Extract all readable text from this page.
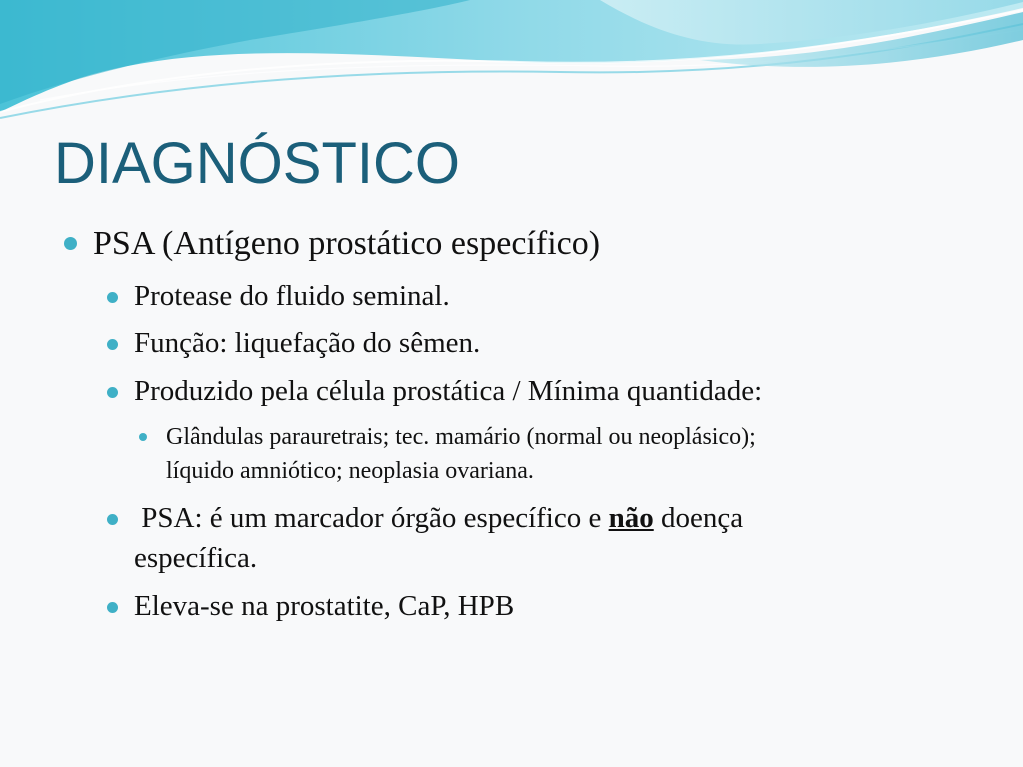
DIAGNÓSTICO
PSA (Antígeno prostático específico)
Protease do fluido seminal.
Função: liquefação do sêmen.
Produzido pela célula prostática / Mínima quantidade:
Glândulas parauretrais; tec. mamário (normal ou neoplásico);
líquido amniótico; neoplasia ovariana.
PSA: é um marcador órgão específico e não doença
específica.
Eleva-se na prostatite, CaP, HPB
